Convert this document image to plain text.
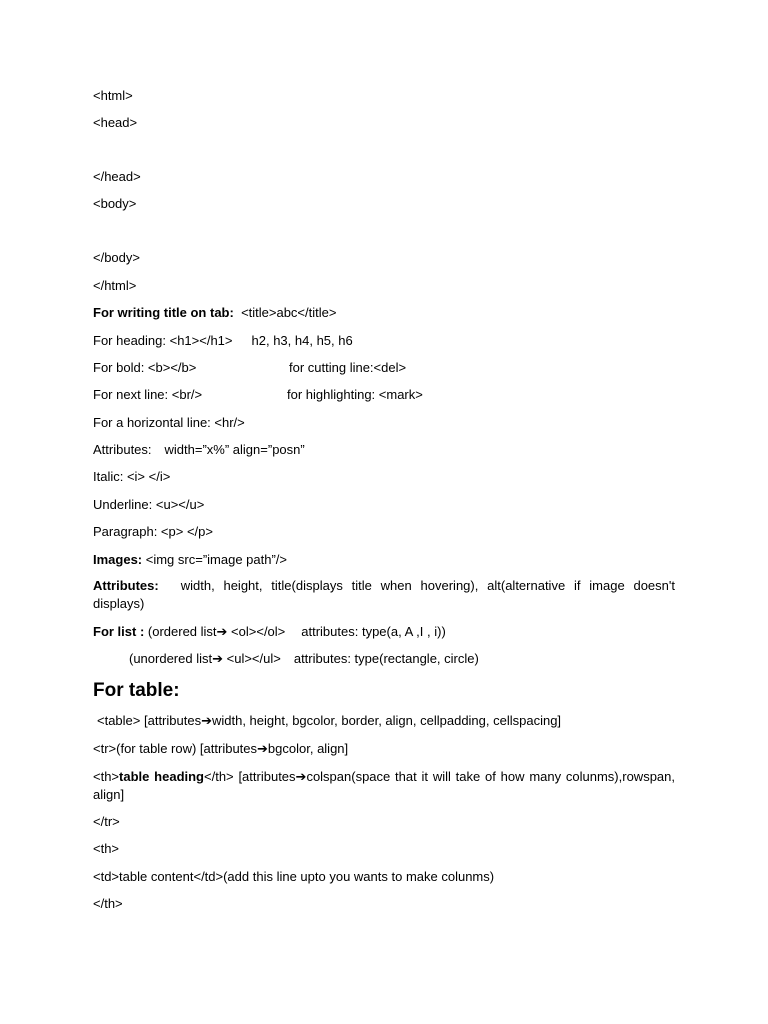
<html>
<head>
</head>
<body>
</body>
</html>
For writing title on tab: <title>abc</title>
For heading: <h1></h1> h2, h3, h4, h5, h6
For bold: <b></b>	for cutting line:<del>
For next line: <br/>	for highlighting: <mark>
For a horizontal line: <hr/>
Attributes: width=”x%” align=”posn”
Italic: <i> </i>
Underline: <u></u>
Paragraph: <p> </p>
Images: <img src=”image path”/>
Attributes: width, height, title(displays title when hovering), alt(alternative if image doesn't displays)
For list : (ordered list➔ <ol></ol> attributes: type(a, A ,I , i))
(unordered list➔ <ul></ul> attributes: type(rectangle, circle)
For table:
<table> [attributes➔width, height, bgcolor, border, align, cellpadding, cellspacing]
<tr>(for table row) [attributes➔bgcolor, align]
<th>table heading</th> [attributes➔colspan(space that it will take of how many colunms),rowspan, align]
</tr>
<th>
<td>table content</td>(add this line upto you wants to make colunms)
</th>
